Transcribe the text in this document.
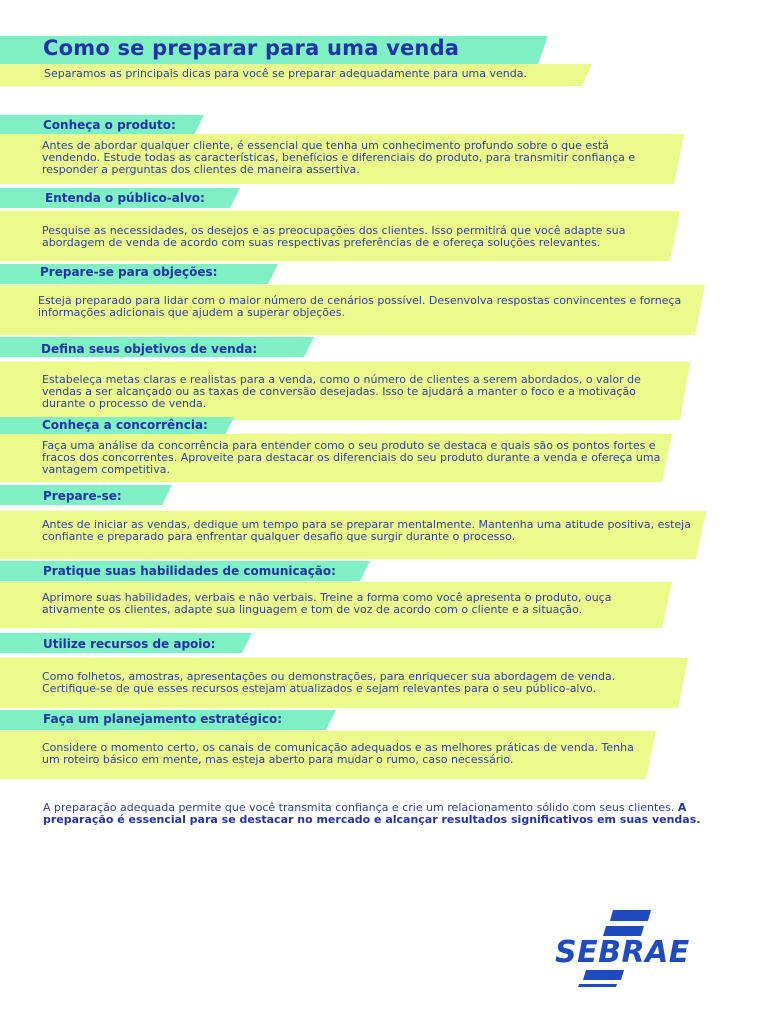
Como se preparar para uma venda
Separamos as principais dicas para você se preparar adequadamente para uma venda.
Conheça o produto:
Antes de abordar qualquer cliente, é essencial que tenha um conhecimento profundo sobre o que está vendendo. Estude todas as características, benefícios e diferenciais do produto, para transmitir confiança e responder a perguntas dos clientes de maneira assertiva.
Entenda o público-alvo:
Pesquise as necessidades, os desejos e as preocupações dos clientes. Isso permitirá que você adapte sua abordagem de venda de acordo com suas respectivas preferências de e ofereça soluções relevantes.
Prepare-se para objeções:
Esteja preparado para lidar com o maior número de cenários possível. Desenvolva respostas convincentes e forneça informações adicionais que ajudem a superar objeções.
Defina seus objetivos de venda:
Estabeleça metas claras e realistas para a venda, como o número de clientes a serem abordados, o valor de vendas a ser alcançado ou as taxas de conversão desejadas. Isso te ajudará a manter o foco e a motivação durante o processo de venda.
Conheça a concorrência:
Faça uma análise da concorrência para entender como o seu produto se destaca e quais são os pontos fortes e fracos dos concorrentes. Aproveite para destacar os diferenciais do seu produto durante a venda e ofereça uma vantagem competitiva.
Prepare-se:
Antes de iniciar as vendas, dedique um tempo para se preparar mentalmente. Mantenha uma atitude positiva, esteja confiante e preparado para enfrentar qualquer desafio que surgir durante o processo.
Pratique suas habilidades de comunicação:
Aprimore suas habilidades, verbais e não verbais. Treine a forma como você apresenta o produto, ouça ativamente os clientes, adapte sua linguagem e tom de voz de acordo com o cliente e a situação.
Utilize recursos de apoio:
Como folhetos, amostras, apresentações ou demonstrações, para enriquecer sua abordagem de venda. Certifique-se de que esses recursos estejam atualizados e sejam relevantes para o seu público-alvo.
Faça um planejamento estratégico:
Considere o momento certo, os canais de comunicação adequados e as melhores práticas de venda. Tenha um roteiro básico em mente, mas esteja aberto para mudar o rumo, caso necessário.
A preparação adequada permite que você transmita confiança e crie um relacionamento sólido com seus clientes. A preparação é essencial para se destacar no mercado e alcançar resultados significativos em suas vendas.
SEBRAE
